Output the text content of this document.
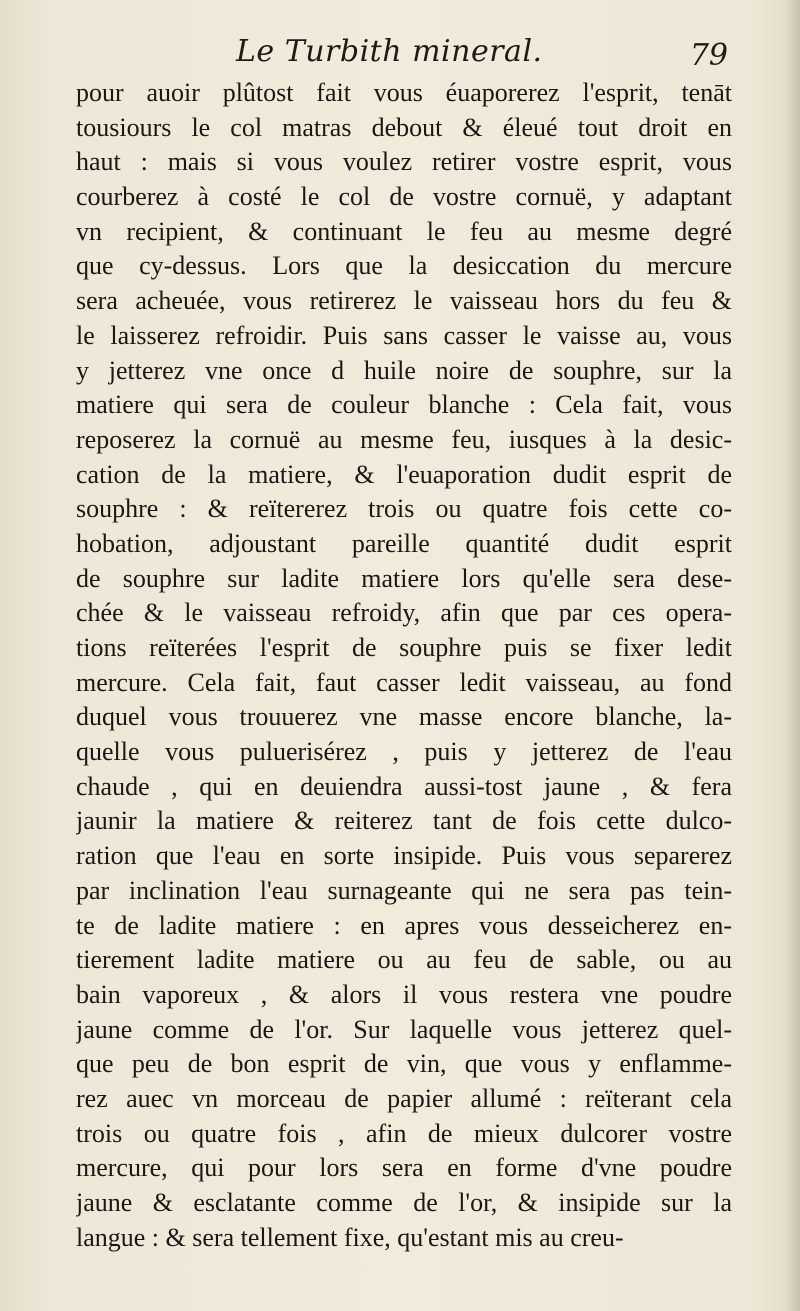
Le Turbith mineral.	79
pour auoir plûtost fait vous éuaporerez l'esprit, tenāt
tousiours le col matras debout & éleué tout droit en
haut : mais si vous voulez retirer vostre esprit, vous
courberez à costé le col de vostre cornuë, y adaptant
vn recipient, & continuant le feu au mesme degré
que cy-dessus. Lors que la desiccation du mercure
sera acheuée, vous retirerez le vaisseau hors du feu &
le laisserez refroidir. Puis sans casser le vaisse au, vous
y jetterez vne once d huile noire de souphre, sur la
matiere qui sera de couleur blanche : Cela fait, vous
reposerez la cornuë au mesme feu, iusques à la desic-
cation de la matiere, & l'euaporation dudit esprit de
souphre : & reïtererez trois ou quatre fois cette co-
hobation, adjoustant pareille quantité dudit esprit
de souphre sur ladite matiere lors qu'elle sera dese-
chée & le vaisseau refroidy, afin que par ces opera-
tions reïterées l'esprit de souphre puis se fixer ledit
mercure. Cela fait, faut casser ledit vaisseau, au fond
duquel vous trouuerez vne masse encore blanche, la-
quelle vous puluerisérez , puis y jetterez de l'eau
chaude , qui en deuiendra aussi-tost jaune , & fera
jaunir la matiere & reiterez tant de fois cette dulco-
ration que l'eau en sorte insipide. Puis vous separerez
par inclination l'eau surnageante qui ne sera pas tein-
te de ladite matiere : en apres vous desseicherez en-
tierement ladite matiere ou au feu de sable, ou au
bain vaporeux , & alors il vous restera vne poudre
jaune comme de l'or. Sur laquelle vous jetterez quel-
que peu de bon esprit de vin, que vous y enflamme-
rez auec vn morceau de papier allumé : reïterant cela
trois ou quatre fois , afin de mieux dulcorer vostre
mercure, qui pour lors sera en forme d'vne poudre
jaune & esclatante comme de l'or, & insipide sur la
langue : & sera tellement fixe, qu'estant mis au creu-
